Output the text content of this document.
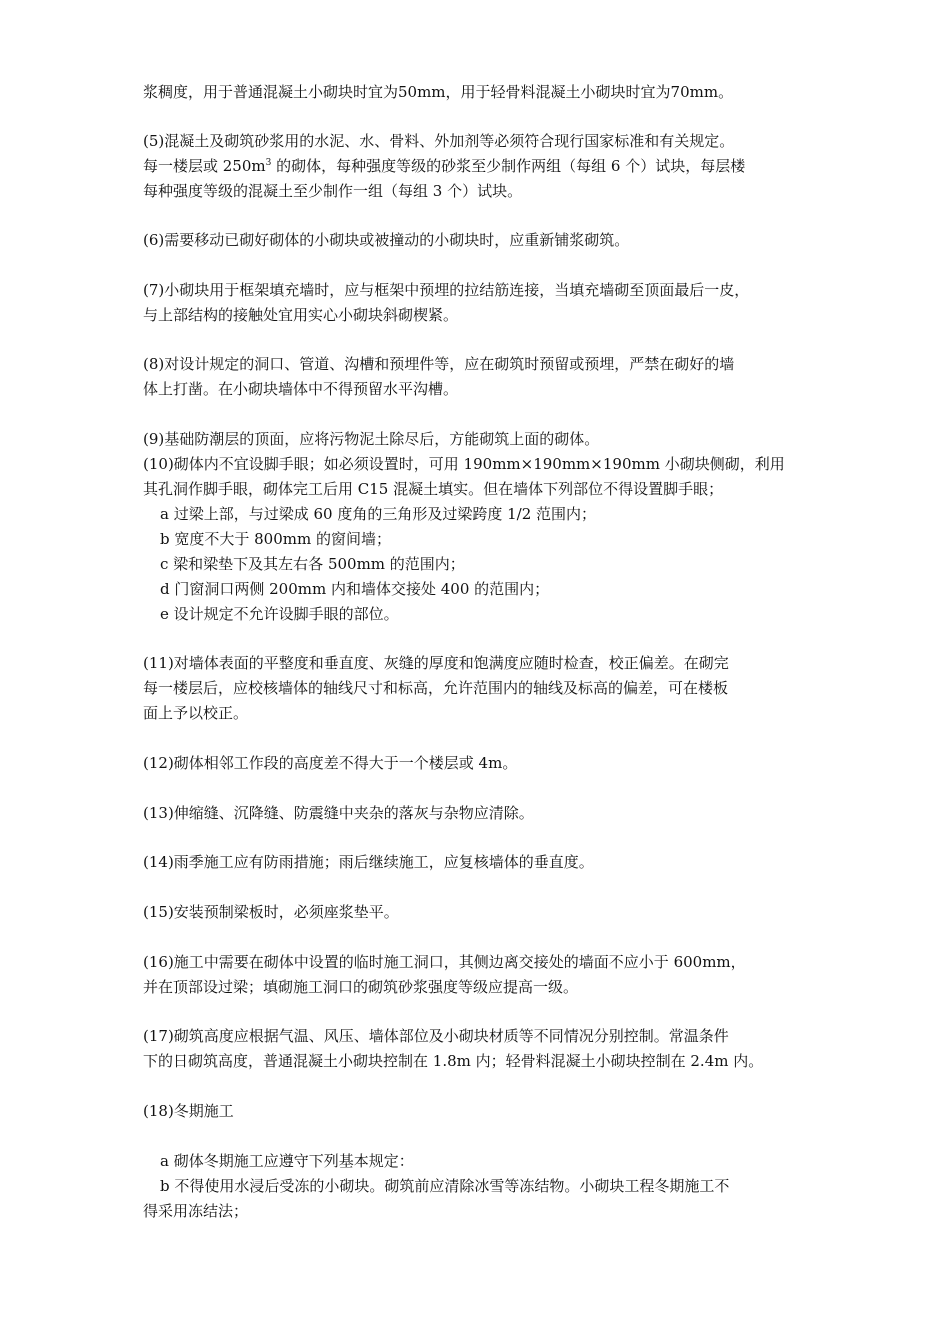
浆稠度，用于普通混凝土小砌块时宜为50mm，用于轻骨料混凝土小砌块时宜为70mm。
(5)混凝土及砌筑砂浆用的水泥、水、骨料、外加剂等必须符合现行国家标准和有关规定。
每一楼层或 $250m^3$ 的砌体，每种强度等级的砂浆至少制作两组（每组 6 个）试块，每层楼
每种强度等级的混凝土至少制作一组（每组 3 个）试块。
(6)需要移动已砌好砌体的小砌块或被撞动的小砌块时，应重新铺浆砌筑。
(7)小砌块用于框架填充墙时，应与框架中预埋的拉结筋连接，当填充墙砌至顶面最后一皮，
与上部结构的接触处宜用实心小砌块斜砌楔紧。
(8)对设计规定的洞口、管道、沟槽和预埋件等，应在砌筑时预留或预埋，严禁在砌好的墙
体上打凿。在小砌块墙体中不得预留水平沟槽。
(9)基础防潮层的顶面，应将污物泥土除尽后，方能砌筑上面的砌体。
(10)砌体内不宜设脚手眼；如必须设置时，可用 190mm×190mm×190mm 小砌块侧砌，利用
其孔洞作脚手眼，砌体完工后用 C15 混凝土填实。但在墙体下列部位不得设置脚手眼；
a 过梁上部，与过梁成 60 度角的三角形及过梁跨度 1/2 范围内；
b 宽度不大于 800mm 的窗间墙；
c 梁和梁垫下及其左右各 500mm 的范围内；
d 门窗洞口两侧 200mm 内和墙体交接处 400 的范围内；
e 设计规定不允许设脚手眼的部位。
(11)对墙体表面的平整度和垂直度、灰缝的厚度和饱满度应随时检查，校正偏差。在砌完
每一楼层后，应校核墙体的轴线尺寸和标高，允许范围内的轴线及标高的偏差，可在楼板
面上予以校正。
(12)砌体相邻工作段的高度差不得大于一个楼层或 4m。
(13)伸缩缝、沉降缝、防震缝中夹杂的落灰与杂物应清除。
(14)雨季施工应有防雨措施；雨后继续施工，应复核墙体的垂直度。
(15)安装预制梁板时，必须座浆垫平。
(16)施工中需要在砌体中设置的临时施工洞口，其侧边离交接处的墙面不应小于 600mm，
并在顶部设过梁；填砌施工洞口的砌筑砂浆强度等级应提高一级。
(17)砌筑高度应根据气温、风压、墙体部位及小砌块材质等不同情况分别控制。常温条件
下的日砌筑高度，普通混凝土小砌块控制在 1.8m 内；轻骨料混凝土小砌块控制在 2.4m 内。
(18)冬期施工
a 砌体冬期施工应遵守下列基本规定：
b 不得使用水浸后受冻的小砌块。砌筑前应清除冰雪等冻结物。小砌块工程冬期施工不
得采用冻结法；
